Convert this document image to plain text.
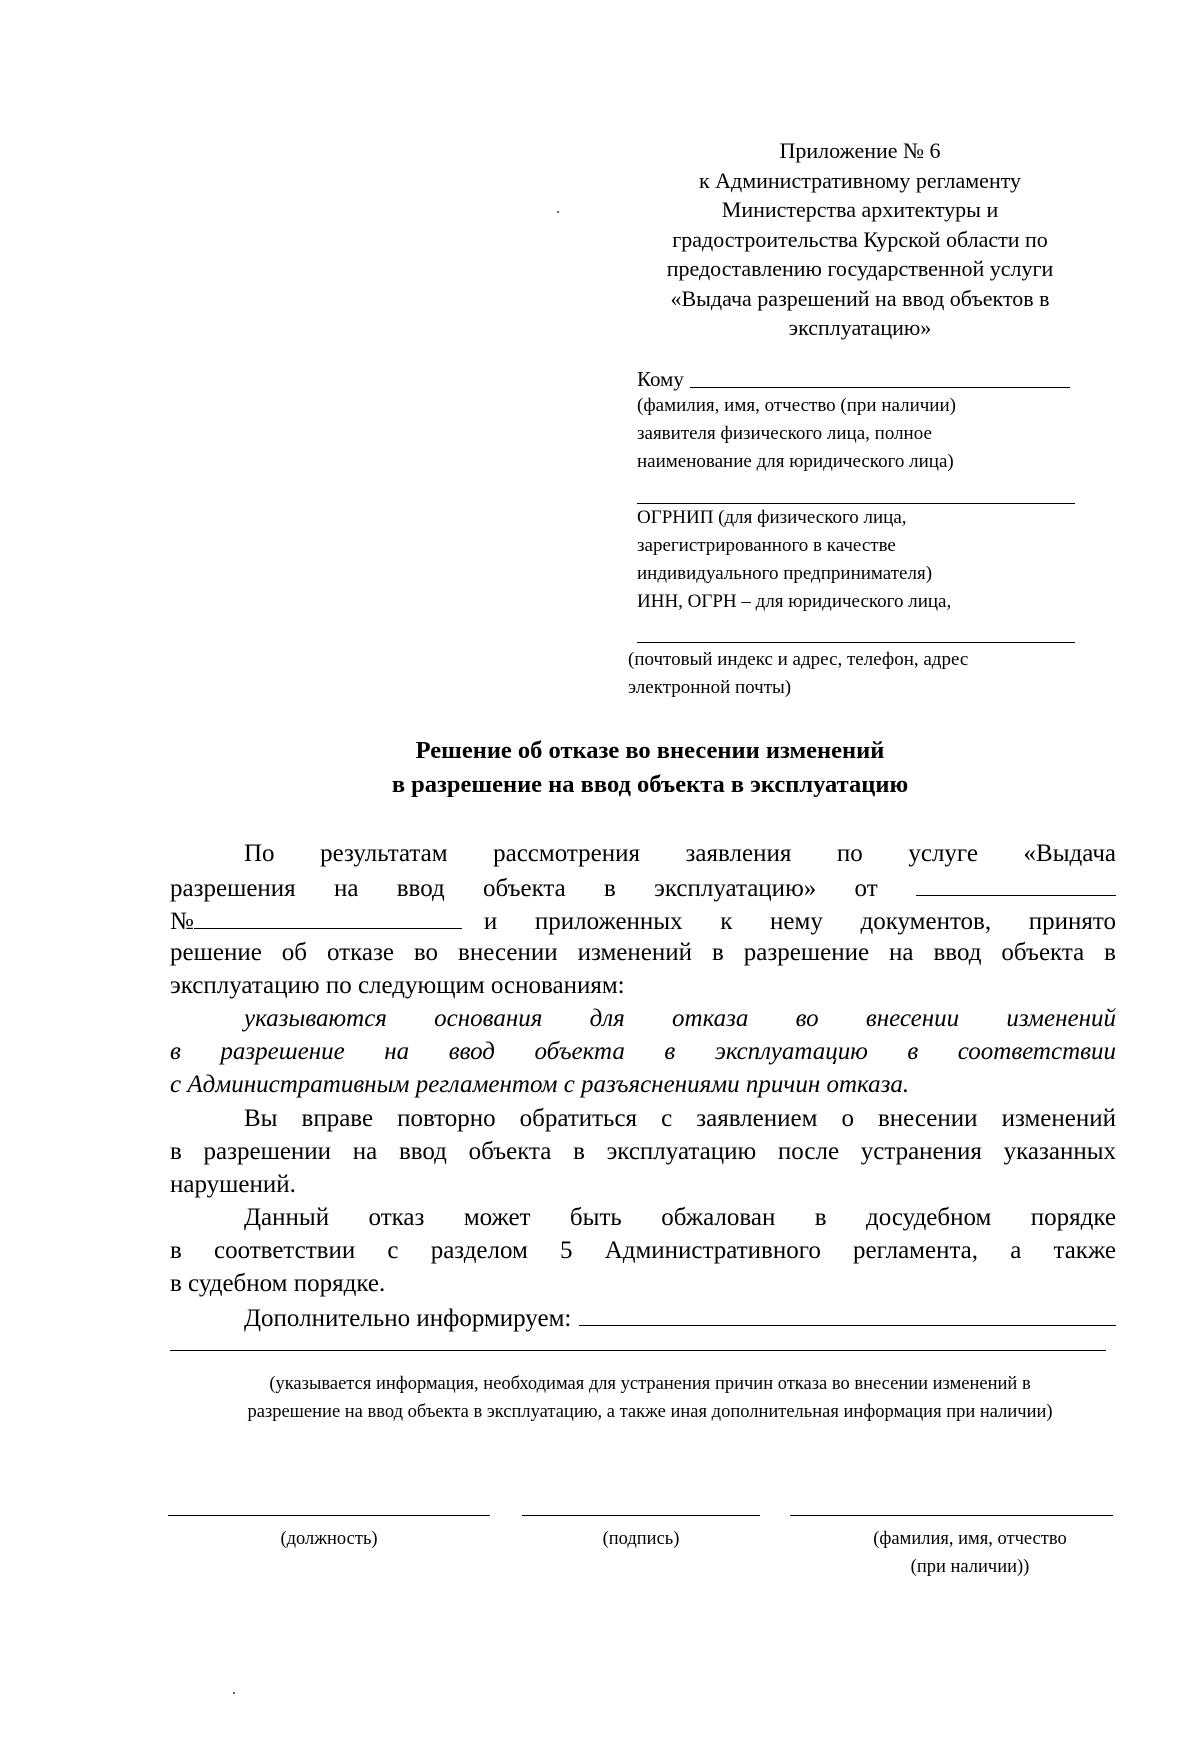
Приложение № 6
к Административному регламенту
Министерства архитектуры и
градостроительства Курской области по
предоставлению государственной услуги
«Выдача разрешений на ввод объектов в
эксплуатацию»
Кому
(фамилия, имя, отчество (при наличии)
заявителя физического лица, полное
наименование для юридического лица)
ОГРНИП (для физического лица,
зарегистрированного в качестве
индивидуального предпринимателя)
ИНН, ОГРН – для юридического лица,
(почтовый индекс и адрес, телефон, адрес
электронной почты)
Решение об отказе во внесении изменений
в разрешение на ввод объекта в эксплуатацию
По результатам рассмотрения заявления по услуге «Выдача
разрешения на ввод объекта в эксплуатацию» от
№	и приложенных к нему документов, принято
решение об отказе во внесении изменений в разрешение на ввод объекта в
эксплуатацию по следующим основаниям:
указываются основания для отказа во внесении изменений
в разрешение на ввод объекта в эксплуатацию в соответствии
с Административным регламентом с разъяснениями причин отказа.
Вы вправе повторно обратиться с заявлением о внесении изменений
в разрешении на ввод объекта в эксплуатацию после устранения указанных
нарушений.
Данный отказ может быть обжалован в досудебном порядке
в соответствии с разделом 5 Административного регламента, а также
в судебном порядке.
Дополнительно информируем:
(указывается информация, необходимая для устранения причин отказа во внесении изменений в
разрешение на ввод объекта в эксплуатацию, а также иная дополнительная информация при наличии)
(должность)	(подпись)	(фамилия, имя, отчество
(при наличии))
